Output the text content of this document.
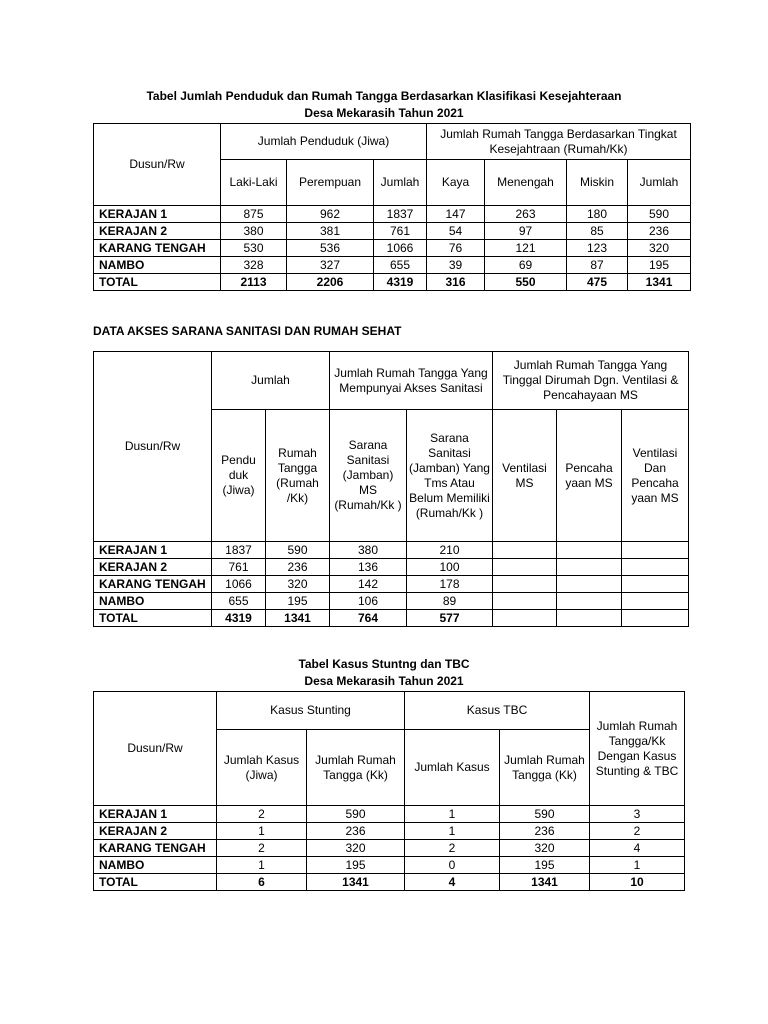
Tabel Jumlah Penduduk dan Rumah Tangga Berdasarkan Klasifikasi Kesejahteraan
Desa Mekarasih Tahun 2021
Dusun/Rw	Jumlah Penduduk (Jiwa)			Jumlah Rumah Tangga Berdasarkan Tingkat Kesejahtraan (Rumah/Kk)			
	Laki-Laki	Perempuan	Jumlah	Kaya	Menengah	Miskin	Jumlah
KERAJAN 1	875	962	1837	147	263	180	590
KERAJAN 2	380	381	761	54	97	85	236
KARANG TENGAH	530	536	1066	76	121	123	320
NAMBO	328	327	655	39	69	87	195
TOTAL	2113	2206	4319	316	550	475	1341
DATA AKSES SARANA SANITASI DAN RUMAH SEHAT
Dusun/Rw	Jumlah		Jumlah Rumah Tangga Yang Mempunyai Akses Sanitasi		Jumlah Rumah Tangga Yang Tinggal Dirumah Dgn. Ventilasi & Pencahayaan MS		
	Pendu duk (Jiwa)	Rumah Tangga (Rumah /Kk)	Sarana Sanitasi (Jamban) MS (Rumah/Kk )	Sarana Sanitasi (Jamban) Yang Tms Atau Belum Memiliki (Rumah/Kk )	Ventilasi MS	Pencaha yaan MS	Ventilasi Dan Pencaha yaan MS
KERAJAN 1	1837	590	380	210			
KERAJAN 2	761	236	136	100			
KARANG TENGAH	1066	320	142	178			
NAMBO	655	195	106	89			
TOTAL	4319	1341	764	577			
Tabel Kasus Stuntng dan TBC
Desa Mekarasih Tahun 2021
Dusun/Rw	Kasus Stunting		Kasus TBC		Jumlah Rumah Tangga/Kk Dengan Kasus Stunting & TBC
	Jumlah Kasus (Jiwa)	Jumlah Rumah Tangga (Kk)	Jumlah Kasus	Jumlah Rumah Tangga (Kk)	
KERAJAN 1	2	590	1	590	3
KERAJAN 2	1	236	1	236	2
KARANG TENGAH	2	320	2	320	4
NAMBO	1	195	0	195	1
TOTAL	6	1341	4	1341	10
